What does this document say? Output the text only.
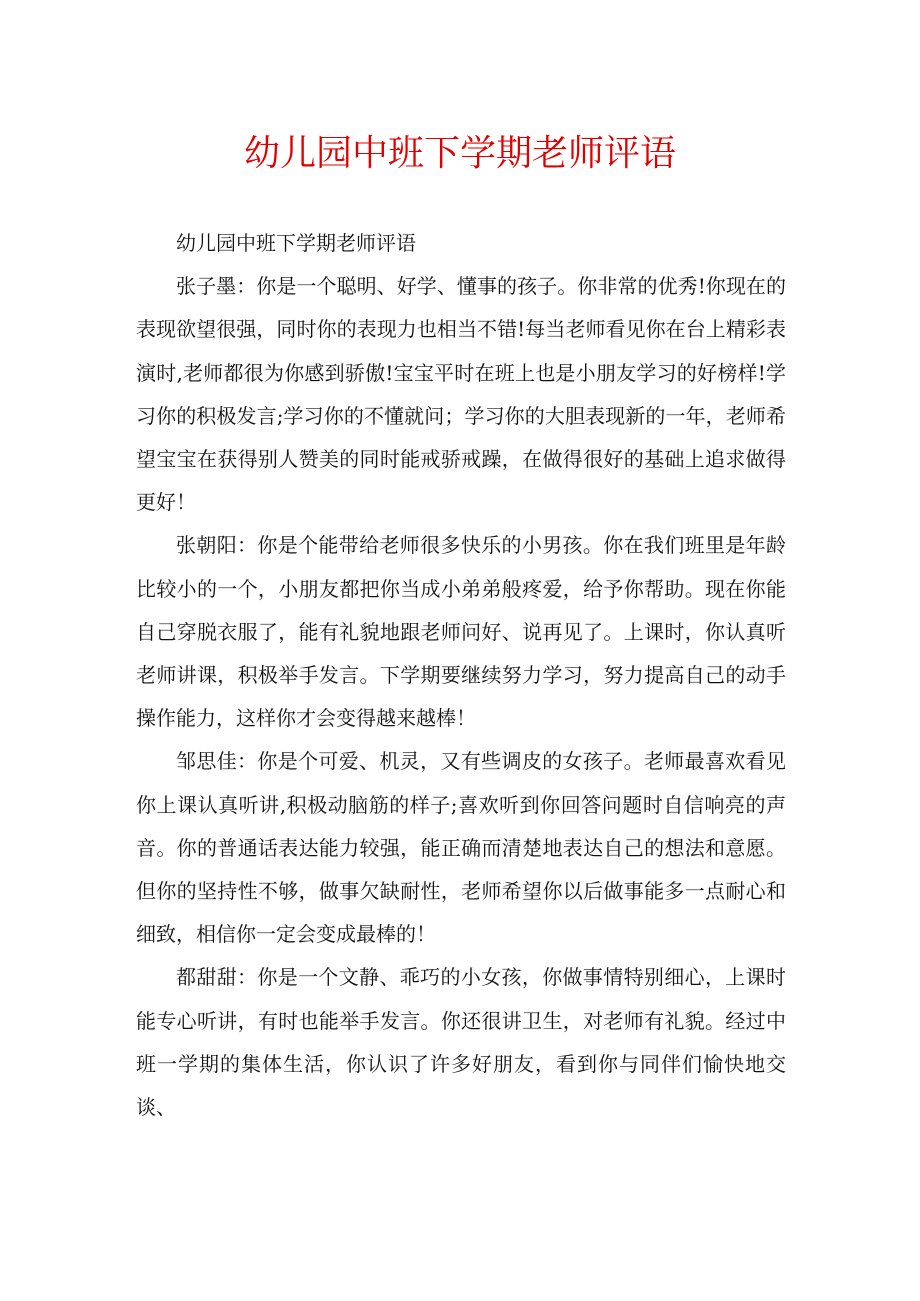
幼儿园中班下学期老师评语

幼儿园中班下学期老师评语

张子墨：你是一个聪明、好学、懂事的孩子。你非常的优秀!你现在的表现欲望很强，同时你的表现力也相当不错!每当老师看见你在台上精彩表演时,老师都很为你感到骄傲!宝宝平时在班上也是小朋友学习的好榜样!学习你的积极发言;学习你的不懂就问；学习你的大胆表现新的一年，老师希望宝宝在获得别人赞美的同时能戒骄戒躁，在做得很好的基础上追求做得更好！

张朝阳：你是个能带给老师很多快乐的小男孩。你在我们班里是年龄比较小的一个，小朋友都把你当成小弟弟般疼爱，给予你帮助。现在你能自己穿脱衣服了，能有礼貌地跟老师问好、说再见了。上课时，你认真听老师讲课，积极举手发言。下学期要继续努力学习，努力提高自己的动手操作能力，这样你才会变得越来越棒！

邹思佳：你是个可爱、机灵，又有些调皮的女孩子。老师最喜欢看见你上课认真听讲,积极动脑筋的样子;喜欢听到你回答问题时自信响亮的声音。你的普通话表达能力较强，能正确而清楚地表达自己的想法和意愿。但你的坚持性不够，做事欠缺耐性，老师希望你以后做事能多一点耐心和细致，相信你一定会变成最棒的！

都甜甜：你是一个文静、乖巧的小女孩，你做事情特别细心，上课时能专心听讲，有时也能举手发言。你还很讲卫生，对老师有礼貌。经过中班一学期的集体生活，你认识了许多好朋友，看到你与同伴们愉快地交谈、
